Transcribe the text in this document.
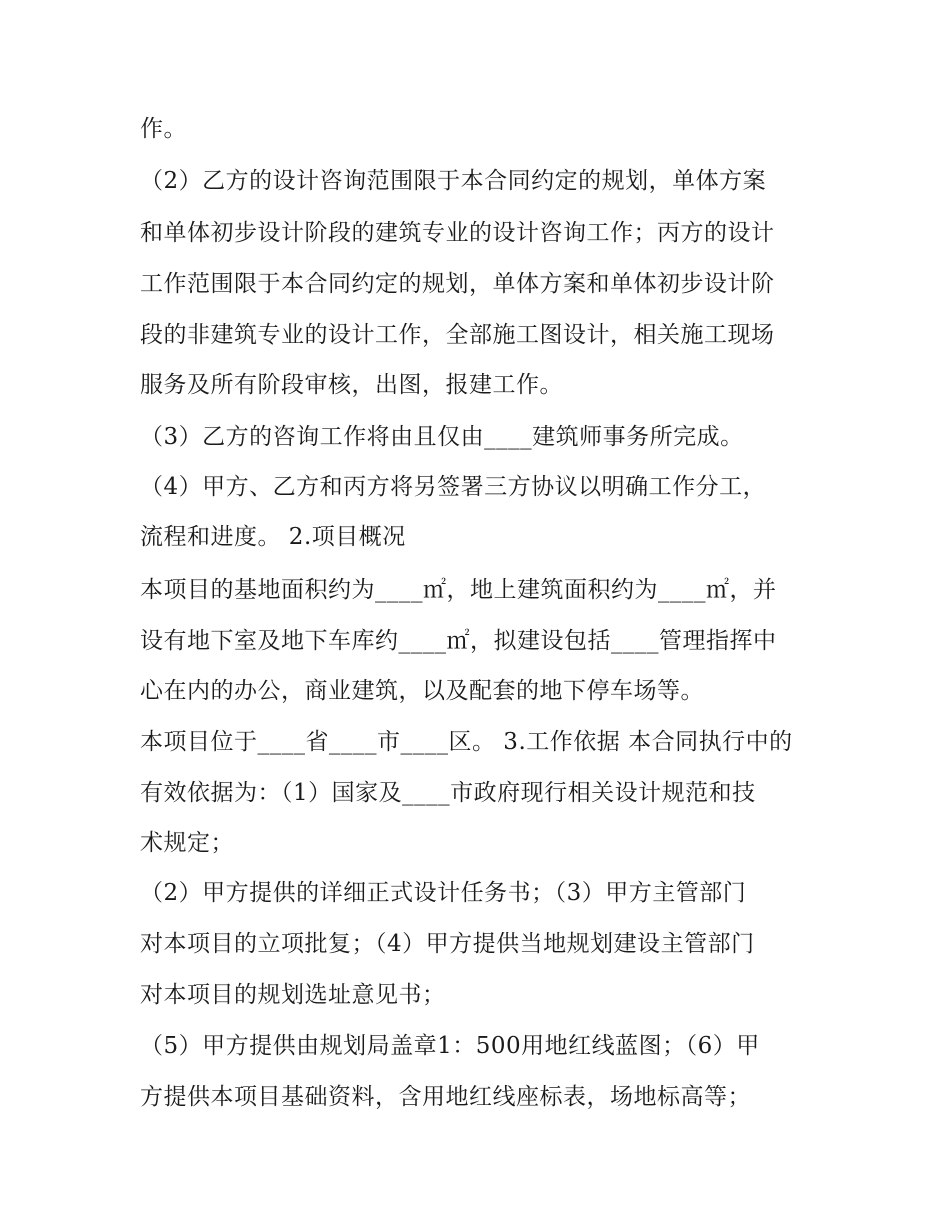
作。
（2）乙方的设计咨询范围限于本合同约定的规划，单体方案
和单体初步设计阶段的建筑专业的设计咨询工作；丙方的设计
工作范围限于本合同约定的规划，单体方案和单体初步设计阶
段的非建筑专业的设计工作，全部施工图设计，相关施工现场
服务及所有阶段审核，出图，报建工作。
（3）乙方的咨询工作将由且仅由____建筑师事务所完成。
（4）甲方、乙方和丙方将另签署三方协议以明确工作分工，
流程和进度。 2.项目概况
本项目的基地面积约为____㎡，地上建筑面积约为____㎡，并
设有地下室及地下车库约____㎡，拟建设包括____管理指挥中
心在内的办公，商业建筑，以及配套的地下停车场等。
本项目位于____省____市____区。 3.工作依据 本合同执行中的
有效依据为：（1）国家及____市政府现行相关设计规范和技
术规定；
（2）甲方提供的详细正式设计任务书；（3）甲方主管部门
对本项目的立项批复；（4）甲方提供当地规划建设主管部门
对本项目的规划选址意见书；
（5）甲方提供由规划局盖章1：500用地红线蓝图；（6）甲
方提供本项目基础资料，含用地红线座标表，场地标高等；
